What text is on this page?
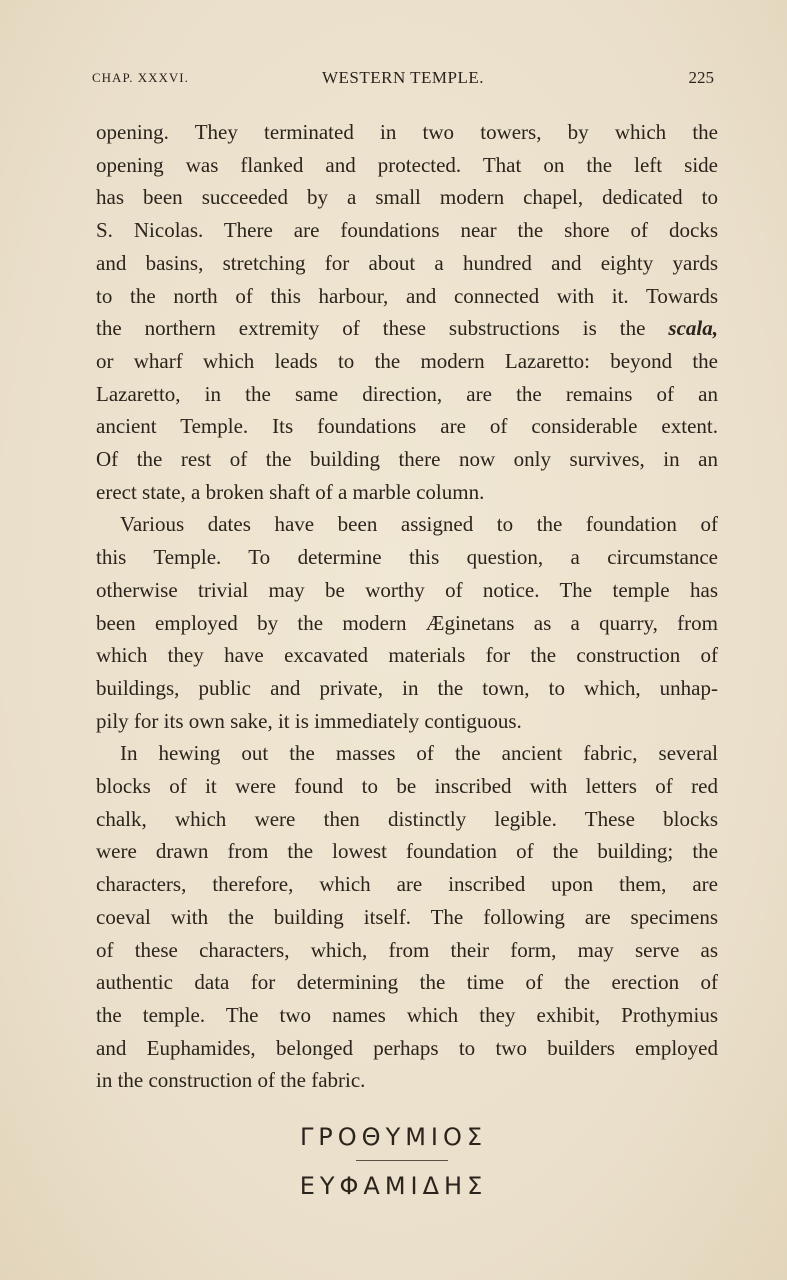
CHAP. XXXVI.	WESTERN TEMPLE.	225
opening. They terminated in two towers, by which the
opening was flanked and protected. That on the left side
has been succeeded by a small modern chapel, dedicated to
S. Nicolas. There are foundations near the shore of docks
and basins, stretching for about a hundred and eighty yards
to the north of this harbour, and connected with it. Towards
the northern extremity of these substructions is the scala,
or wharf which leads to the modern Lazaretto: beyond the
Lazaretto, in the same direction, are the remains of an
ancient Temple. Its foundations are of considerable extent.
Of the rest of the building there now only survives, in an
erect state, a broken shaft of a marble column.
Various dates have been assigned to the foundation of
this Temple. To determine this question, a circumstance
otherwise trivial may be worthy of notice. The temple has
been employed by the modern Æginetans as a quarry, from
which they have excavated materials for the construction of
buildings, public and private, in the town, to which, unhap-
pily for its own sake, it is immediately contiguous.
In hewing out the masses of the ancient fabric, several
blocks of it were found to be inscribed with letters of red
chalk, which were then distinctly legible. These blocks
were drawn from the lowest foundation of the building; the
characters, therefore, which are inscribed upon them, are
coeval with the building itself. The following are specimens
of these characters, which, from their form, may serve as
authentic data for determining the time of the erection of
the temple. The two names which they exhibit, Prothymius
and Euphamides, belonged perhaps to two builders employed
in the construction of the fabric.
ΓΡΟΘΥΜΙΟΣ
ΕΥΦΑΜΙΔΗΣ
